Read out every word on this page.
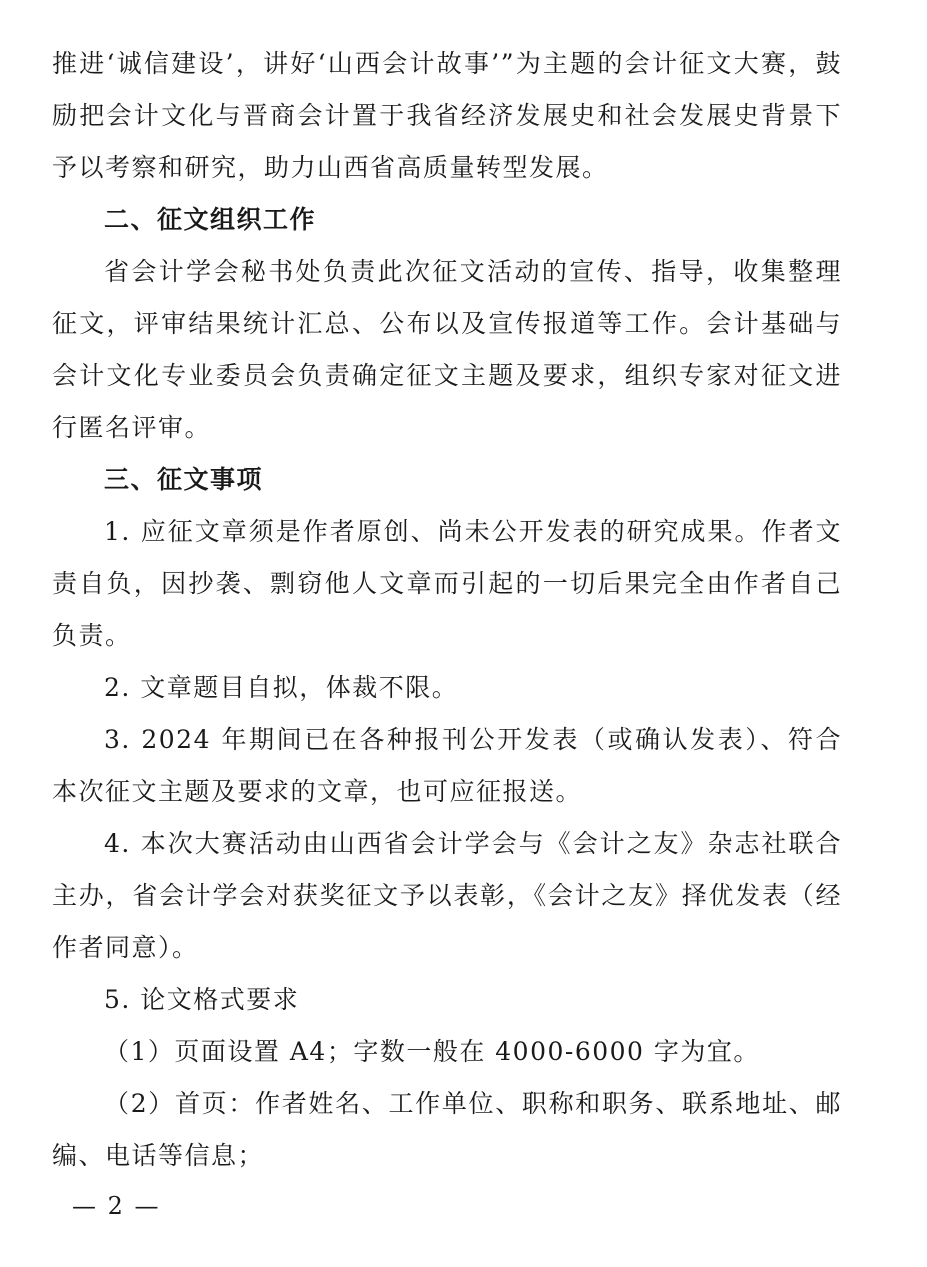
推进‘诚信建设’，讲好‘山西会计故事’”为主题的会计征文大赛，鼓励把会计文化与晋商会计置于我省经济发展史和社会发展史背景下予以考察和研究，助力山西省高质量转型发展。

二、征文组织工作

省会计学会秘书处负责此次征文活动的宣传、指导，收集整理征文，评审结果统计汇总、公布以及宣传报道等工作。会计基础与会计文化专业委员会负责确定征文主题及要求，组织专家对征文进行匿名评审。

三、征文事项

1. 应征文章须是作者原创、尚未公开发表的研究成果。作者文责自负，因抄袭、剽窃他人文章而引起的一切后果完全由作者自己负责。

2. 文章题目自拟，体裁不限。

3. 2024 年期间已在各种报刊公开发表（或确认发表）、符合本次征文主题及要求的文章，也可应征报送。

4. 本次大赛活动由山西省会计学会与《会计之友》杂志社联合主办，省会计学会对获奖征文予以表彰，《会计之友》择优发表（经作者同意）。

5. 论文格式要求

（1）页面设置 A4；字数一般在 4000-6000 字为宜。

（2）首页：作者姓名、工作单位、职称和职务、联系地址、邮编、电话等信息；

— 2 —
